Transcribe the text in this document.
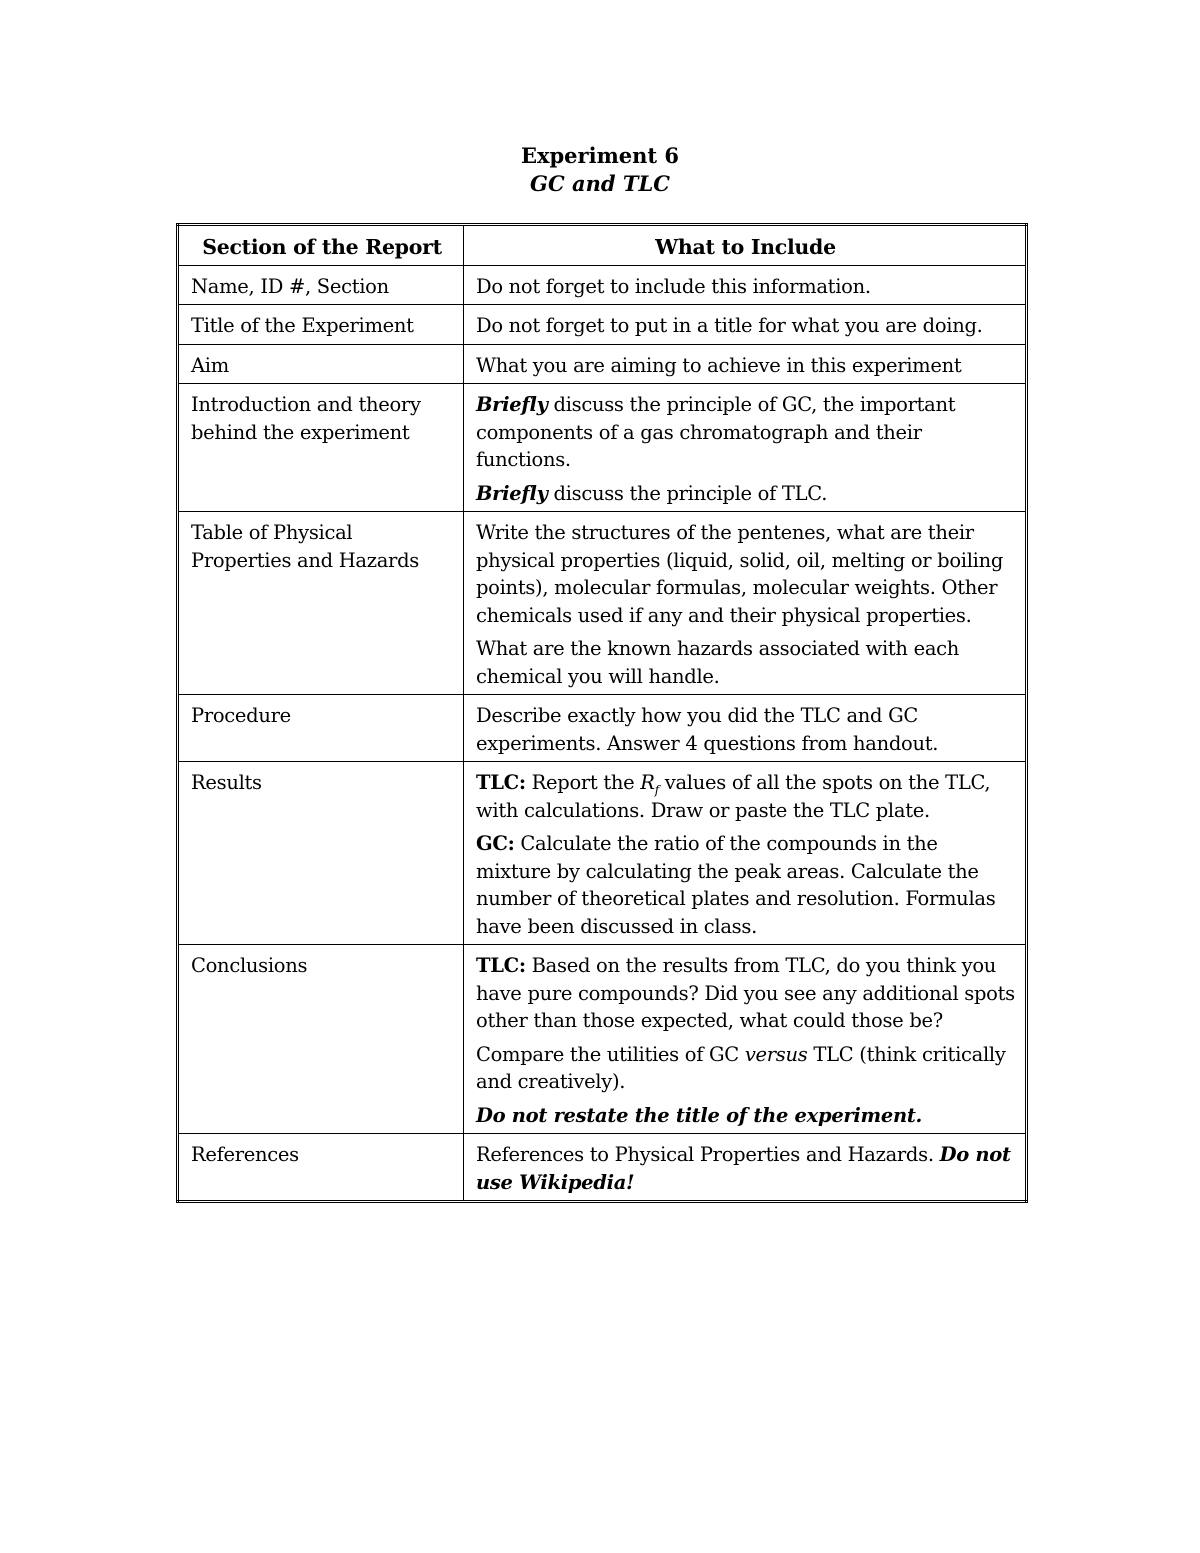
Experiment 6
GC and TLC
Section of the Report	What to Include
Name, ID #, Section	Do not forget to include this information.

Title of the Experiment	Do not forget to put in a title for what you are doing.

Aim	What you are aiming to achieve in this experiment

Introduction and theory behind the experiment	Briefly discuss the principle of GC, the important components of a gas chromatograph and their functions.

Briefly discuss the principle of TLC.

Table of Physical Properties and Hazards	Write the structures of the pentenes, what are their physical properties (liquid, solid, oil, melting or boiling points), molecular formulas, molecular weights. Other chemicals used if any and their physical properties.

What are the known hazards associated with each chemical you will handle.

Procedure	Describe exactly how you did the TLC and GC experiments. Answer 4 questions from handout.

Results	TLC: Report the $R_f$ values of all the spots on the TLC, with calculations. Draw or paste the TLC plate.

GC: Calculate the ratio of the compounds in the mixture by calculating the peak areas. Calculate the number of theoretical plates and resolution. Formulas have been discussed in class.

Conclusions	TLC: Based on the results from TLC, do you think you have pure compounds? Did you see any additional spots other than those expected, what could those be?

Compare the utilities of GC versus TLC (think critically and creatively).

Do not restate the title of the experiment.

References	References to Physical Properties and Hazards. Do not use Wikipedia!
